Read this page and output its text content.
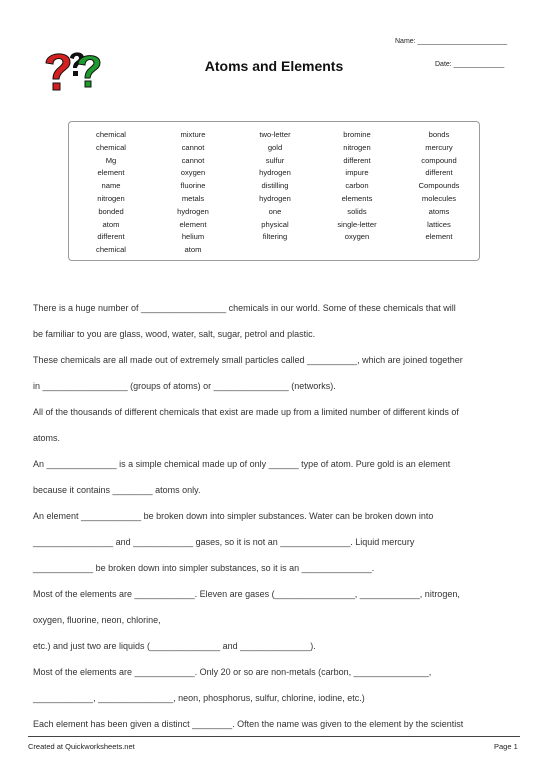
Name: _______________________
Date: _____________
Atoms and Elements
chemical
chemical
Mg
element
name
nitrogen
bonded
atom
different
chemical
mixture
cannot
cannot
oxygen
fluorine
metals
hydrogen
element
helium
atom
two-letter
gold
sulfur
hydrogen
distilling
hydrogen
one
physical
filtering
bromine
nitrogen
different
impure
carbon
elements
solids
single-letter
oxygen
bonds
mercury
compound
different
Compounds
molecules
atoms
lattices
element
There is a huge number of _________________ chemicals in our world. Some of these chemicals that will
be familiar to you are glass, wood, water, salt, sugar, petrol and plastic.
These chemicals are all made out of extremely small particles called __________, which are joined together
in _________________ (groups of atoms) or _______________ (networks).
All of the thousands of different chemicals that exist are made up from a limited number of different kinds of
atoms.
An ______________ is a simple chemical made up of only ______ type of atom. Pure gold is an element
because it contains ________ atoms only.
An element ____________ be broken down into simpler substances. Water can be broken down into
________________ and ____________ gases, so it is not an ______________. Liquid mercury
____________ be broken down into simpler substances, so it is an ______________.
Most of the elements are ____________. Eleven are gases (________________, ____________, nitrogen,
oxygen, fluorine, neon, chlorine,
etc.) and just two are liquids (______________ and ______________).
Most of the elements are ____________. Only 20 or so are non-metals (carbon, _______________,
____________, _______________, neon, phosphorus, sulfur, chlorine, iodine, etc.)
Each element has been given a distinct ________. Often the name was given to the element by the scientist
Created at Quickworksheets.net	Page 1
